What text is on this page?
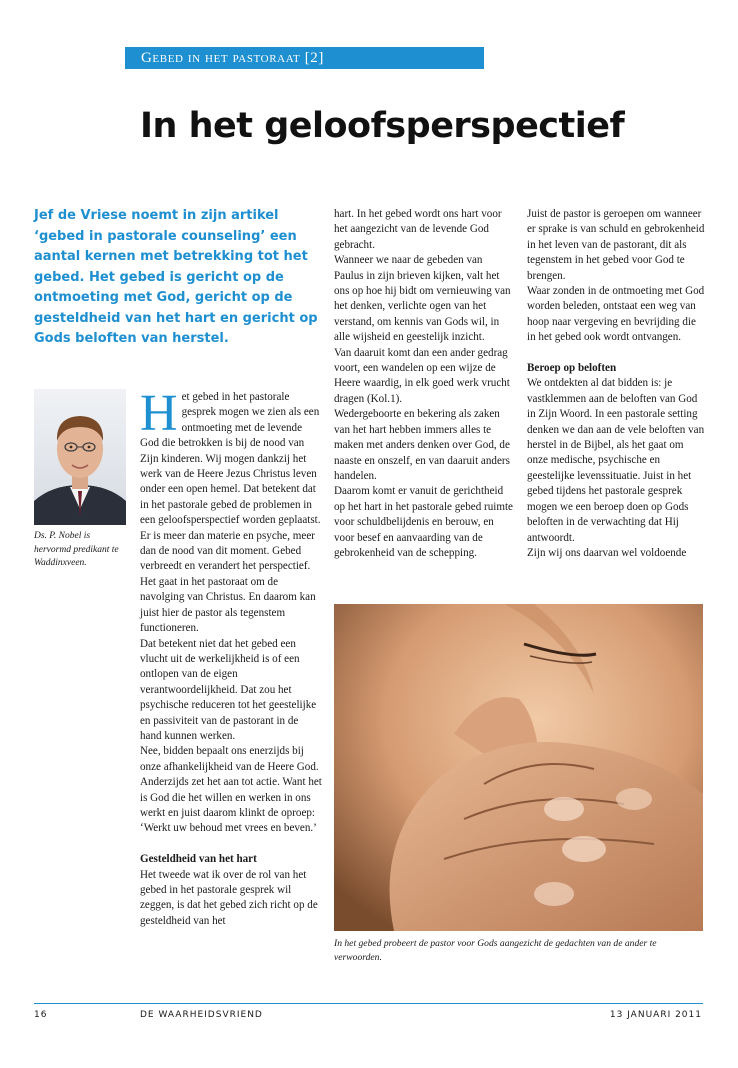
Gebed in het pastoraat [2]
In het geloofsperspectief

Jef de Vriese noemt in zijn artikel ‘gebed in pastorale counseling’ een aantal kernen met betrekking tot het gebed. Het gebed is gericht op de ontmoeting met God, gericht op de gesteldheid van het hart en gericht op Gods beloften van herstel.

Ds. P. Nobel is
hervormd predikant te
Waddinxveen.

Het gebed in het pastorale gesprek mogen we zien als een ontmoeting met de levende God die betrokken is bij de nood van Zijn kinderen. Wij mogen dankzij het werk van de Heere Jezus Christus leven onder een open hemel. Dat betekent dat in het pastorale gebed de problemen in een geloofsperspectief worden geplaatst. Er is meer dan materie en psyche, meer dan de nood van dit moment. Gebed verbreedt en verandert het perspectief.

Het gaat in het pastoraat om de navolging van Christus. En daarom kan juist hier de pastor als tegenstem functioneren.

Dat betekent niet dat het gebed een vlucht uit de werkelijkheid is of een ontlopen van de eigen verantwoordelijkheid. Dat zou het psychische reduceren tot het geestelijke en passiviteit van de pastorant in de hand kunnen werken.

Nee, bidden bepaalt ons enerzijds bij onze afhankelijkheid van de Heere God.

Anderzijds zet het aan tot actie. Want het is God die het willen en werken in ons werkt en juist daarom klinkt de oproep: ‘Werkt uw behoud met vrees en beven.’

Gesteldheid van het hart

Het tweede wat ik over de rol van het gebed in het pastorale gesprek wil zeggen, is dat het gebed zich richt op de gesteldheid van het

hart. In het gebed wordt ons hart voor het aangezicht van de levende God gebracht.

Wanneer we naar de gebeden van Paulus in zijn brieven kijken, valt het ons op hoe hij bidt om vernieuwing van het denken, verlichte ogen van het verstand, om kennis van Gods wil, in alle wijsheid en geestelijk inzicht.

Van daaruit komt dan een ander gedrag voort, een wandelen op een wijze de Heere waardig, in elk goed werk vrucht dragen (Kol.1).

Wedergeboorte en bekering als zaken van het hart hebben immers alles te maken met anders denken over God, de naaste en onszelf, en van daaruit anders handelen.

Daarom komt er vanuit de gerichtheid op het hart in het pastorale gebed ruimte voor schuldbelijdenis en berouw, en voor besef en aanvaarding van de gebrokenheid van de schepping.

Juist de pastor is geroepen om wanneer er sprake is van schuld en gebrokenheid in het leven van de pastorant, dit als tegenstem in het gebed voor God te brengen.

Waar zonden in de ontmoeting met God worden beleden, ontstaat een weg van hoop naar vergeving en bevrijding die in het gebed ook wordt ontvangen.

Beroep op beloften

We ontdekten al dat bidden is: je vastklemmen aan de beloften van God in Zijn Woord. In een pastorale setting denken we dan aan de vele beloften van herstel in de Bijbel, als het gaat om onze medische, psychische en geestelijke levenssituatie. Juist in het gebed tijdens het pastorale gesprek mogen we een beroep doen op Gods beloften in de verwachting dat Hij antwoordt.

Zijn wij ons daarvan wel voldoende

In het gebed probeert de pastor voor Gods aangezicht de gedachten van de ander te verwoorden.

16	DE WAARHEIDSVRIEND	13 JANUARI 2011
